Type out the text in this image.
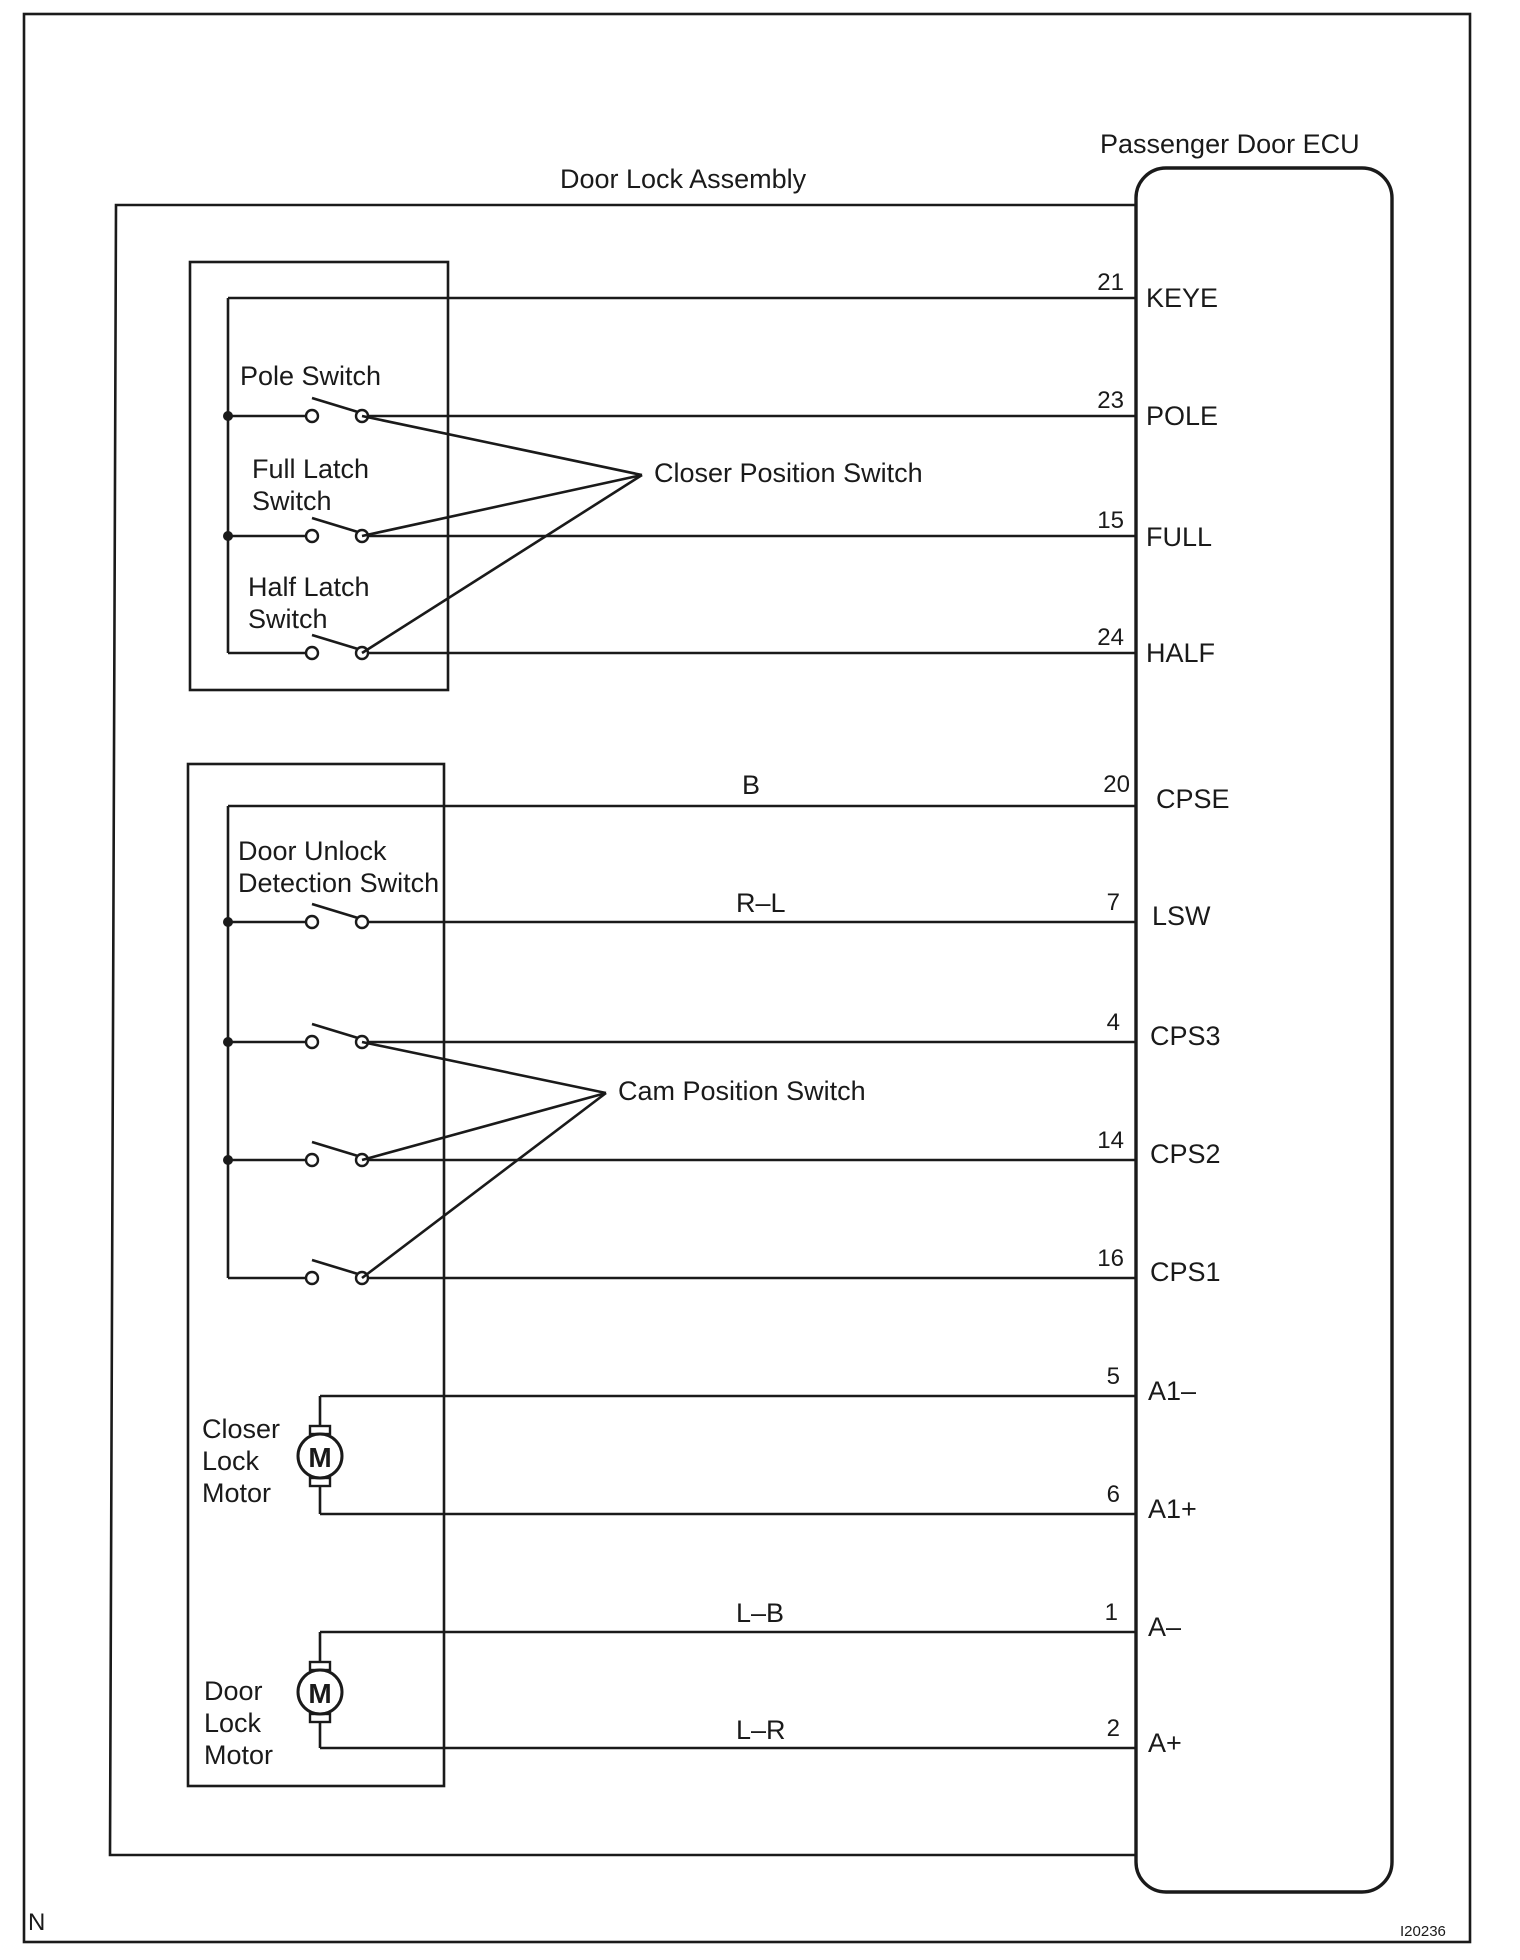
Passenger Door ECU
Door Lock Assembly
Pole Switch
Full Latch
Switch
Half Latch
Switch
Closer Position Switch
Door Unlock
Detection Switch
Cam Position Switch
B
R–L
L–B
L–R
M
Closer
Lock
Motor
M
Door
Lock
Motor
21
KEYE
23
POLE
15
FULL
24
HALF
20 CPSE
7 LSW
4 CPS3
14 CPS2
16 CPS1
5 A1–
6 A1+
1 A–
2 A+
N	I20236
